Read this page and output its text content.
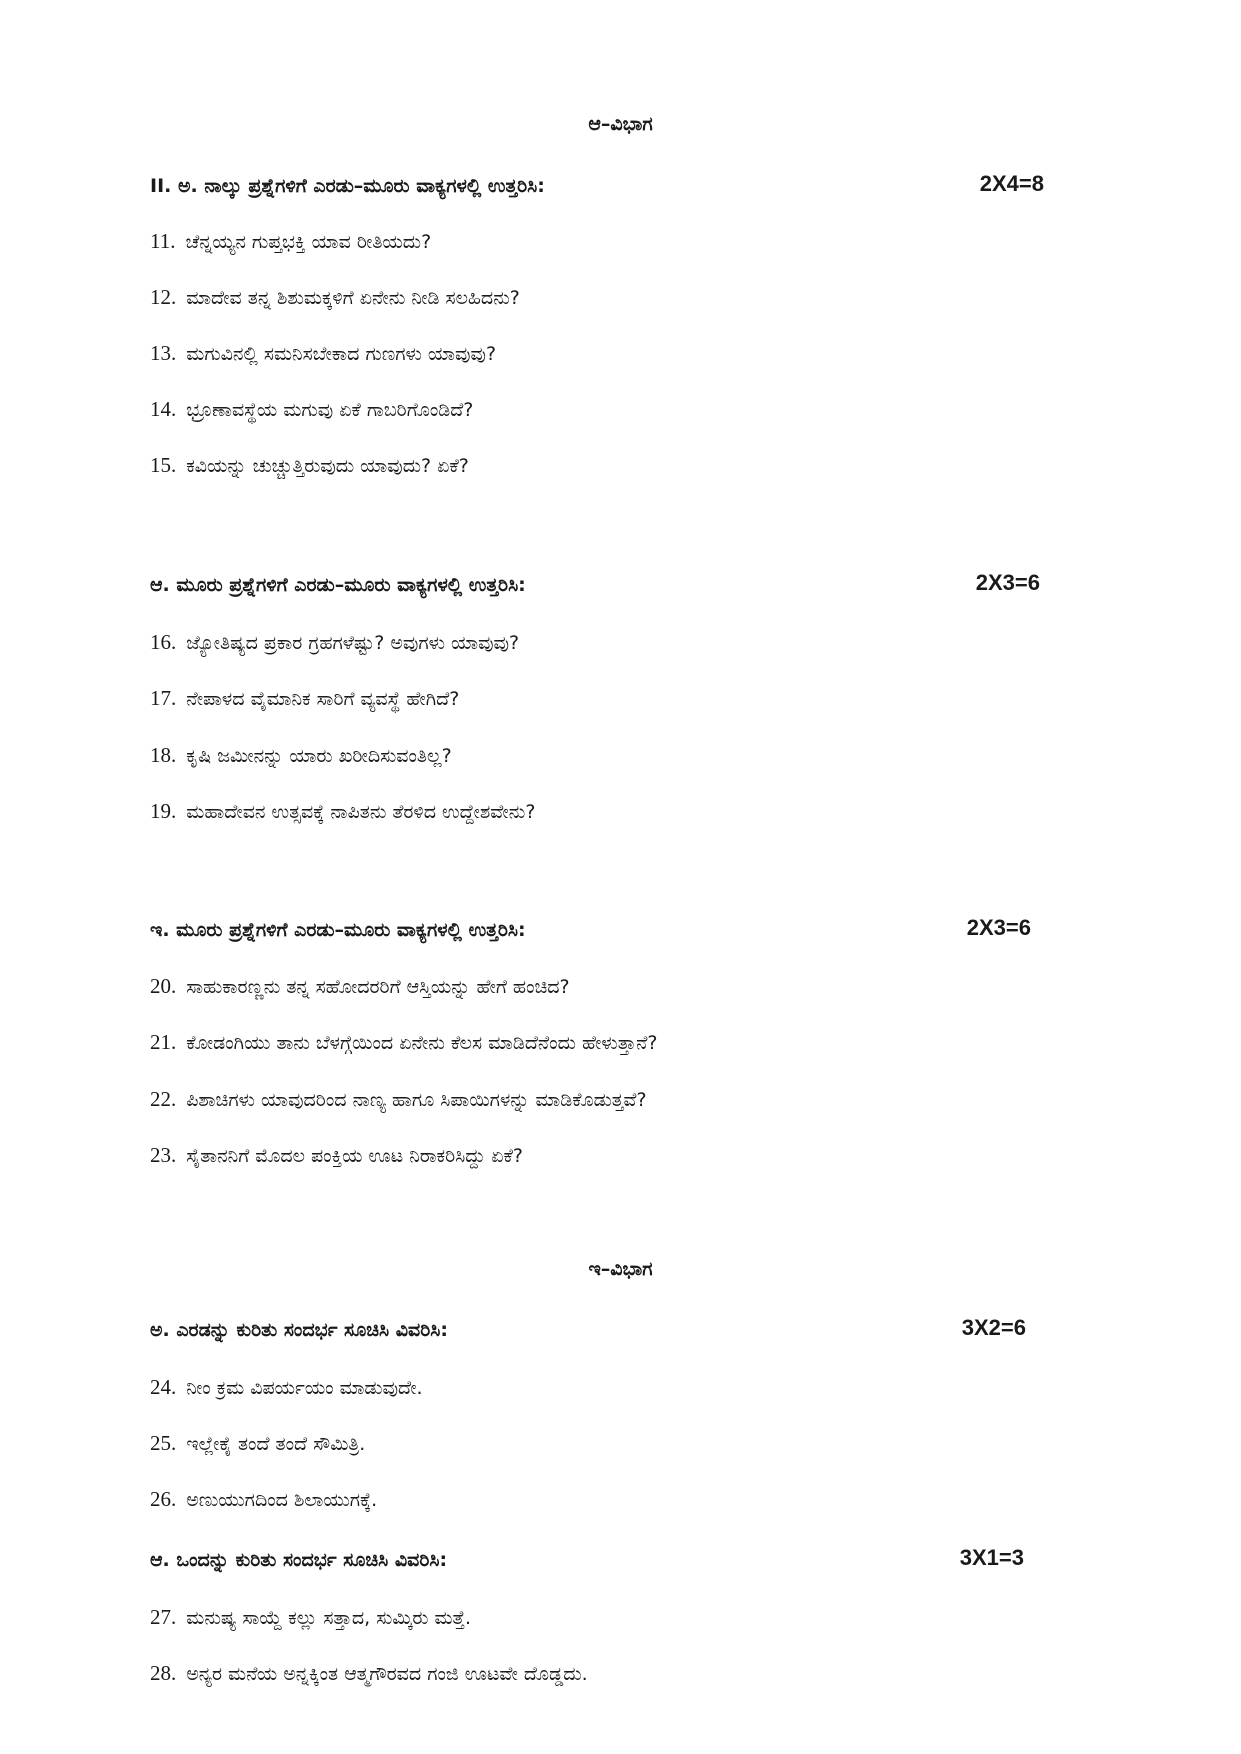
ಆ–ವಿಭಾಗ
II. ಅ. ನಾಲ್ಕು ಪ್ರಶ್ನೆಗಳಿಗೆ ಎರಡು–ಮೂರು ವಾಕ್ಯಗಳಲ್ಲಿ ಉತ್ತರಿಸಿ:	2X4=8
11. ಚೆನ್ನಯ್ಯನ ಗುಪ್ತಭಕ್ತಿ ಯಾವ ರೀತಿಯದು?
12. ಮಾದೇವ ತನ್ನ ಶಿಶುಮಕ್ಕಳಿಗೆ ಏನೇನು ನೀಡಿ ಸಲಹಿದನು?
13. ಮಗುವಿನಲ್ಲಿ ಸಮನಿಸಬೇಕಾದ ಗುಣಗಳು ಯಾವುವು?
14. ಭ್ರೂಣಾವಸ್ಥೆಯ ಮಗುವು ಏಕೆ ಗಾಬರಿಗೊಂಡಿದೆ?
15. ಕವಿಯನ್ನು ಚುಚ್ಚುತ್ತಿರುವುದು ಯಾವುದು? ಏಕೆ?
ಆ. ಮೂರು ಪ್ರಶ್ನೆಗಳಿಗೆ ಎರಡು–ಮೂರು ವಾಕ್ಯಗಳಲ್ಲಿ ಉತ್ತರಿಸಿ:	2X3=6
16. ಜ್ಯೋತಿಷ್ಯದ ಪ್ರಕಾರ ಗ್ರಹಗಳೆಷ್ಟು? ಅವುಗಳು ಯಾವುವು?
17. ನೇಪಾಳದ ವೈಮಾನಿಕ ಸಾರಿಗೆ ವ್ಯವಸ್ಥೆ ಹೇಗಿದೆ?
18. ಕೃಷಿ ಜಮೀನನ್ನು ಯಾರು ಖರೀದಿಸುವಂತಿಲ್ಲ?
19. ಮಹಾದೇವನ ಉತ್ಸವಕ್ಕೆ ನಾಪಿತನು ತೆರಳಿದ ಉದ್ದೇಶವೇನು?
ಇ. ಮೂರು ಪ್ರಶ್ನೆಗಳಿಗೆ ಎರಡು–ಮೂರು ವಾಕ್ಯಗಳಲ್ಲಿ ಉತ್ತರಿಸಿ:	2X3=6
20. ಸಾಹುಕಾರಣ್ಣನು ತನ್ನ ಸಹೋದರರಿಗೆ ಆಸ್ತಿಯನ್ನು ಹೇಗೆ ಹಂಚಿದ?
21. ಕೋಡಂಗಿಯು ತಾನು ಬೆಳಗ್ಗೆಯಿಂದ ಏನೇನು ಕೆಲಸ ಮಾಡಿದೆನೆಂದು ಹೇಳುತ್ತಾನೆ?
22. ಪಿಶಾಚಿಗಳು ಯಾವುದರಿಂದ ನಾಣ್ಯ ಹಾಗೂ ಸಿಪಾಯಿಗಳನ್ನು ಮಾಡಿಕೊಡುತ್ತವೆ?
23. ಸೈತಾನನಿಗೆ ಮೊದಲ ಪಂಕ್ತಿಯ ಊಟ ನಿರಾಕರಿಸಿದ್ದು ಏಕೆ?
ಇ–ವಿಭಾಗ
ಅ. ಎರಡನ್ನು ಕುರಿತು ಸಂದರ್ಭ ಸೂಚಿಸಿ ವಿವರಿಸಿ:	3X2=6
24. ನೀಂ ಕ್ರಮ ವಿಪರ್ಯಯಂ ಮಾಡುವುದೇ.
25. ಇಲ್ಲೇಕೈ ತಂದೆ ತಂದೆ ಸೌಮಿತ್ರಿ.
26. ಅಣುಯುಗದಿಂದ ಶಿಲಾಯುಗಕ್ಕೆ.
ಆ. ಒಂದನ್ನು ಕುರಿತು ಸಂದರ್ಭ ಸೂಚಿಸಿ ವಿವರಿಸಿ:	3X1=3
27. ಮನುಷ್ಯ ಸಾಯ್ದೆ ಕಲ್ಲು ಸತ್ತಾದ, ಸುಮ್ಕಿರು ಮತ್ತೆ.
28. ಅನ್ಯರ ಮನೆಯ ಅನ್ನಕ್ಕಿಂತ ಆತ್ಮಗೌರವದ ಗಂಜಿ ಊಟವೇ ದೊಡ್ಡದು.
